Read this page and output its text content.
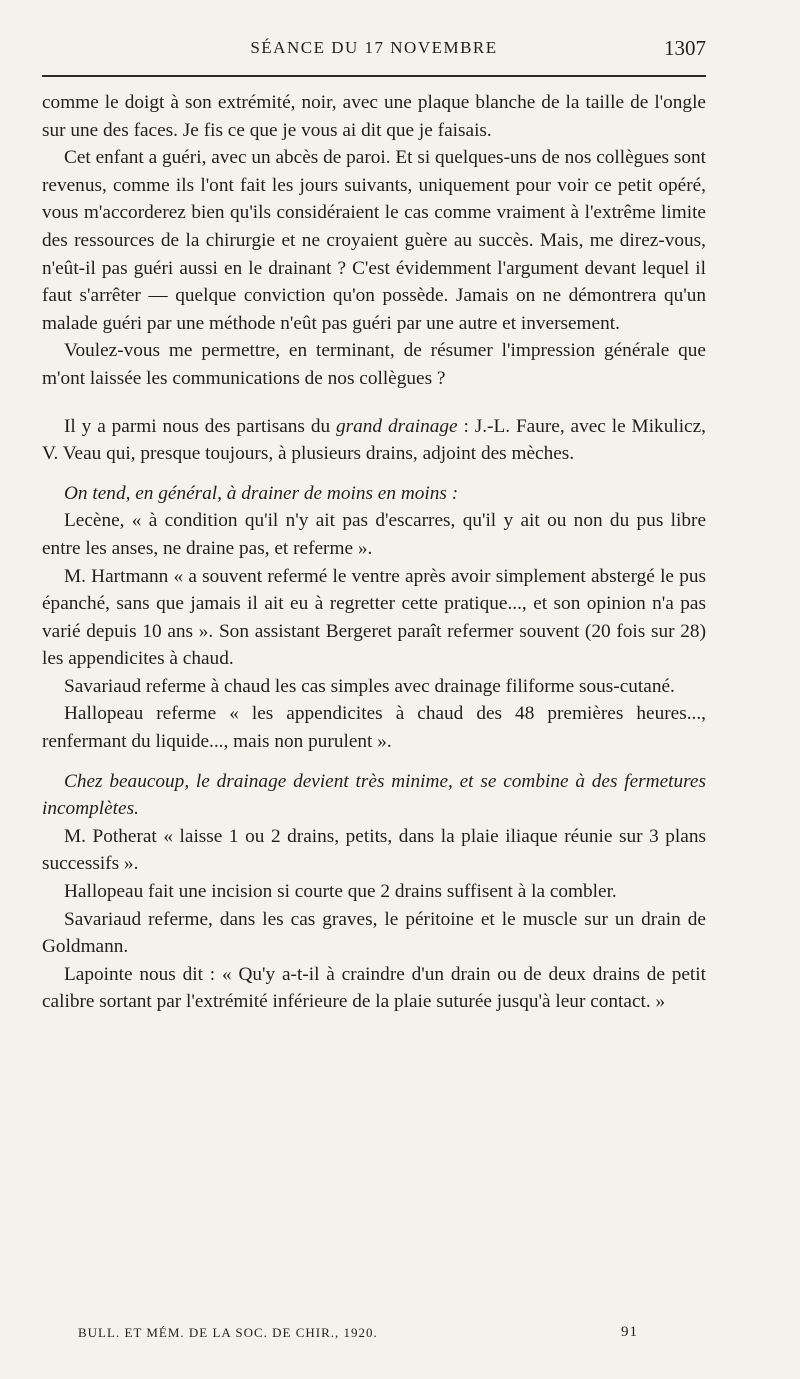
SÉANCE DU 17 NOVEMBRE	1307

comme le doigt à son extrémité, noir, avec une plaque blanche de la taille de l'ongle sur une des faces. Je fis ce que je vous ai dit que je faisais.

Cet enfant a guéri, avec un abcès de paroi. Et si quelques-uns de nos collègues sont revenus, comme ils l'ont fait les jours suivants, uniquement pour voir ce petit opéré, vous m'accorderez bien qu'ils considéraient le cas comme vraiment à l'extrême limite des ressources de la chirurgie et ne croyaient guère au succès. Mais, me direz-vous, n'eût-il pas guéri aussi en le drainant ? C'est évidemment l'argument devant lequel il faut s'arrêter — quelque conviction qu'on possède. Jamais on ne démontrera qu'un malade guéri par une méthode n'eût pas guéri par une autre et inversement.

Voulez-vous me permettre, en terminant, de résumer l'impression générale que m'ont laissée les communications de nos collègues ?

Il y a parmi nous des partisans du grand drainage : J.-L. Faure, avec le Mikulicz, V. Veau qui, presque toujours, à plusieurs drains, adjoint des mèches.

On tend, en général, à drainer de moins en moins :

Lecène, « à condition qu'il n'y ait pas d'escarres, qu'il y ait ou non du pus libre entre les anses, ne draine pas, et referme ».

M. Hartmann « a souvent refermé le ventre après avoir simplement abstergé le pus épanché, sans que jamais il ait eu à regretter cette pratique..., et son opinion n'a pas varié depuis 10 ans ». Son assistant Bergeret paraît refermer souvent (20 fois sur 28) les appendicites à chaud.

Savariaud referme à chaud les cas simples avec drainage filiforme sous-cutané.

Hallopeau referme « les appendicites à chaud des 48 premières heures..., renfermant du liquide..., mais non purulent ».

Chez beaucoup, le drainage devient très minime, et se combine à des fermetures incomplètes.

M. Potherat « laisse 1 ou 2 drains, petits, dans la plaie iliaque réunie sur 3 plans successifs ».

Hallopeau fait une incision si courte que 2 drains suffisent à la combler.

Savariaud referme, dans les cas graves, le péritoine et le muscle sur un drain de Goldmann.

Lapointe nous dit : « Qu'y a-t-il à craindre d'un drain ou de deux drains de petit calibre sortant par l'extrémité inférieure de la plaie suturée jusqu'à leur contact. »

BULL. ET MÉM. DE LA SOC. DE CHIR., 1920.	91
